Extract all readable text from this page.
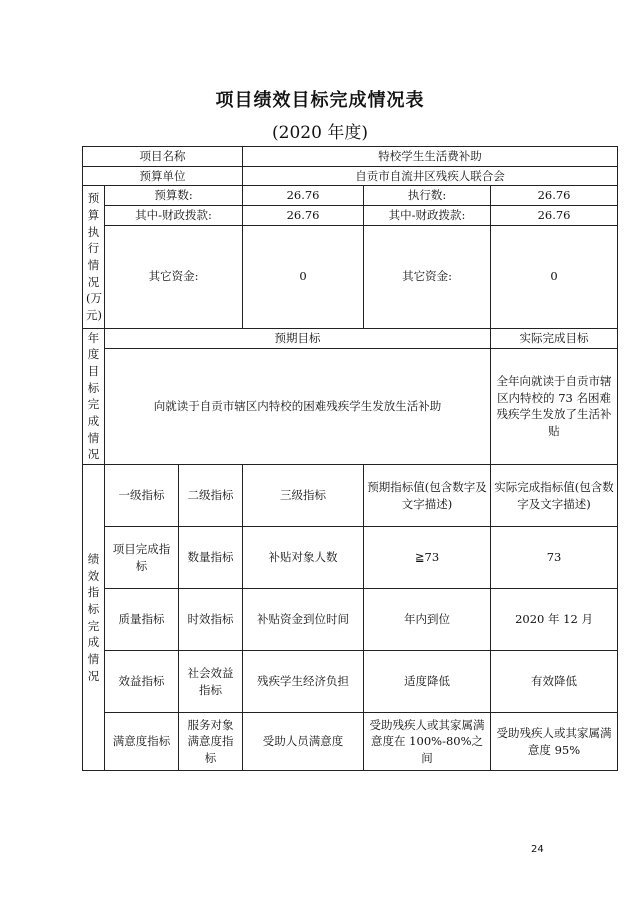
项目绩效目标完成情况表
(2020 年度)
项目名称			特校学生生活费补助		
预算单位			自贡市自流井区残疾人联合会		
预算执行情况(万元)	预算数:		26.76	执行数:	26.76
	其中-财政拨款:		26.76	其中-财政拨款:	26.76
	其它资金:		0	其它资金:	0
年度目标完成情况	预期目标				实际完成目标
	向就读于自贡市辖区内特校的困难残疾学生发放生活补助				全年向就读于自贡市辖区内特校的 73 名困难残疾学生发放了生活补贴
绩效指标完成情况	一级指标	二级指标	三级指标	预期指标值(包含数字及文字描述)	实际完成指标值(包含数字及文字描述)
	项目完成指标	数量指标	补贴对象人数	≧73	73
	质量指标	时效指标	补贴资金到位时间	年内到位	2020 年 12 月
	效益指标	社会效益指标	残疾学生经济负担	适度降低	有效降低
	满意度指标	服务对象满意度指标	受助人员满意度	受助残疾人或其家属满意度在 100%-80%之间	受助残疾人或其家属满意度 95%
24
